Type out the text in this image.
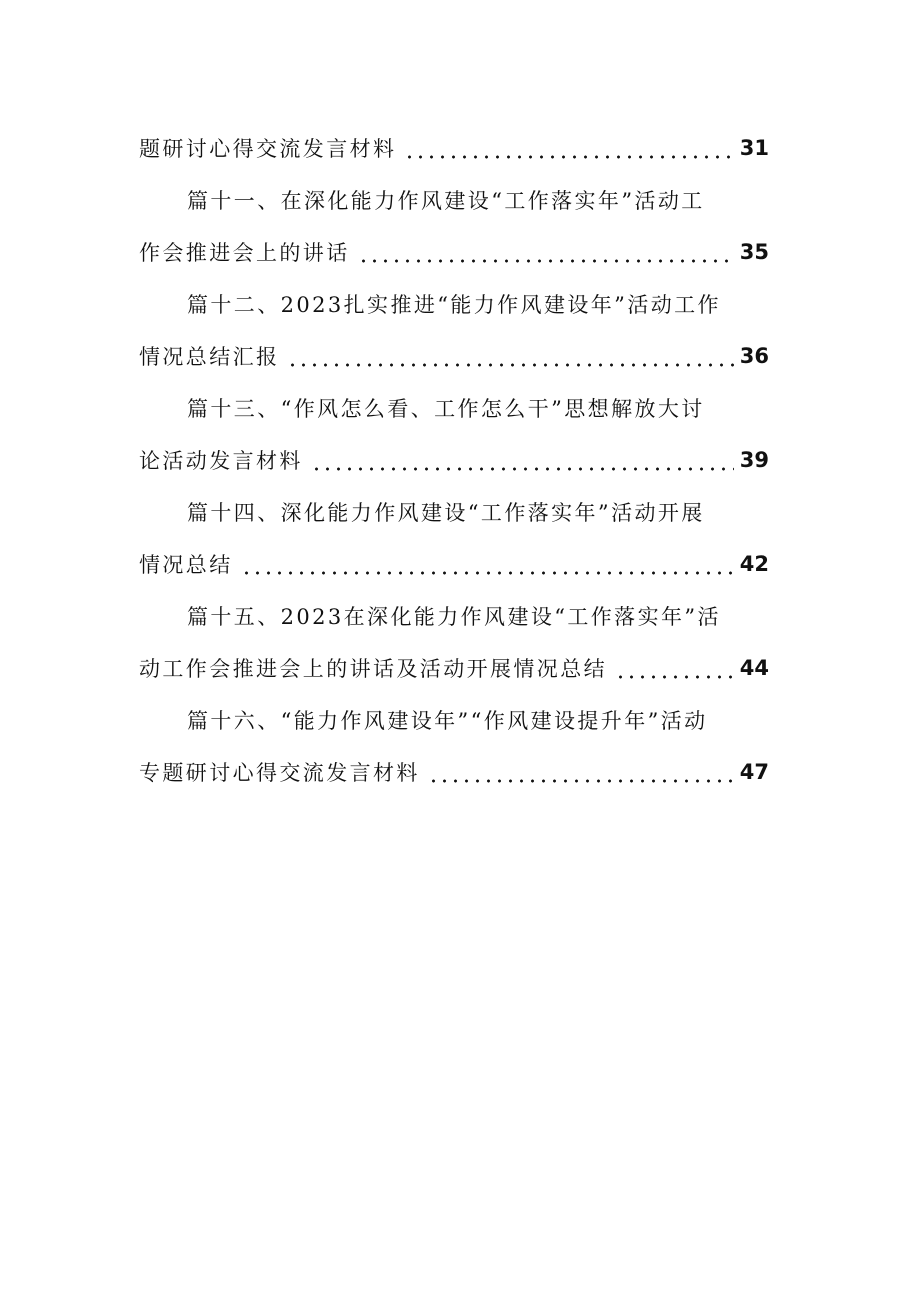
题研讨心得交流发言材料	31
篇十一、在深化能力作风建设“工作落实年”活动工
作会推进会上的讲话	35
篇十二、2023扎实推进“能力作风建设年”活动工作
情况总结汇报	36
篇十三、“作风怎么看、工作怎么干”思想解放大讨
论活动发言材料	39
篇十四、深化能力作风建设“工作落实年”活动开展
情况总结	42
篇十五、2023在深化能力作风建设“工作落实年”活
动工作会推进会上的讲话及活动开展情况总结	44
篇十六、“能力作风建设年”“作风建设提升年”活动
专题研讨心得交流发言材料	47
